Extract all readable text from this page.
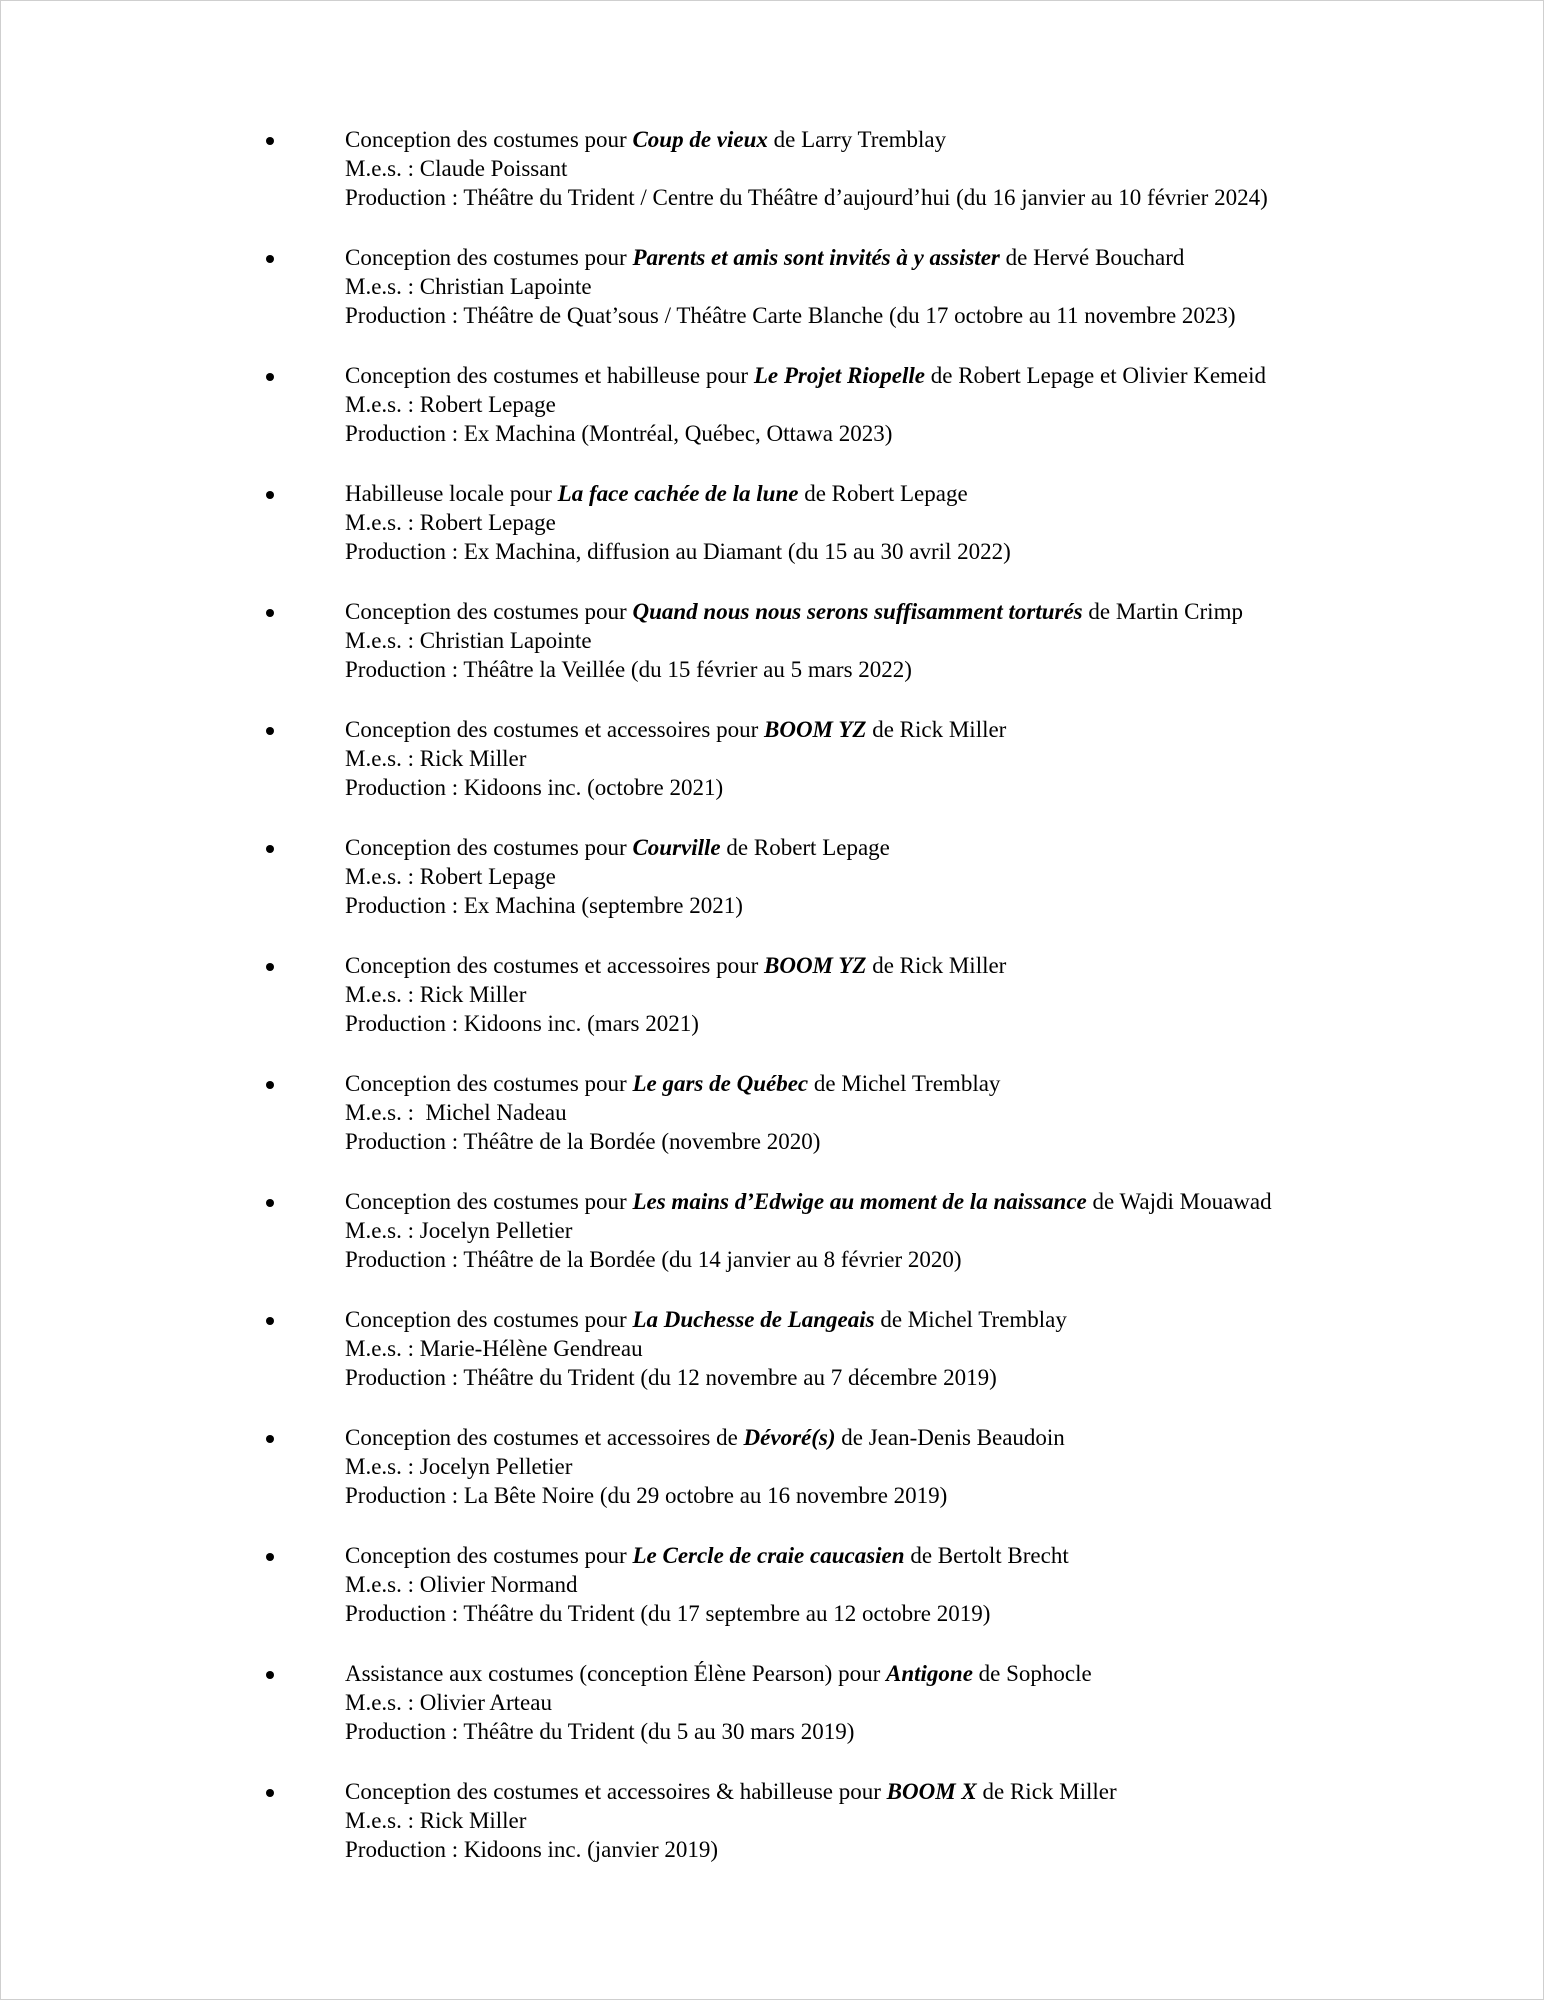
Conception des costumes pour Coup de vieux de Larry Tremblay
M.e.s. : Claude Poissant
Production : Théâtre du Trident / Centre du Théâtre d’aujourd’hui (du 16 janvier au 10 février 2024)
Conception des costumes pour Parents et amis sont invités à y assister de Hervé Bouchard
M.e.s. : Christian Lapointe
Production : Théâtre de Quat’sous / Théâtre Carte Blanche (du 17 octobre au 11 novembre 2023)
Conception des costumes et habilleuse pour Le Projet Riopelle de Robert Lepage et Olivier Kemeid
M.e.s. : Robert Lepage
Production : Ex Machina (Montréal, Québec, Ottawa 2023)
Habilleuse locale pour La face cachée de la lune de Robert Lepage
M.e.s. : Robert Lepage
Production : Ex Machina, diffusion au Diamant (du 15 au 30 avril 2022)
Conception des costumes pour Quand nous nous serons suffisamment torturés de Martin Crimp
M.e.s. : Christian Lapointe
Production : Théâtre la Veillée (du 15 février au 5 mars 2022)
Conception des costumes et accessoires pour BOOM YZ de Rick Miller
M.e.s. : Rick Miller
Production : Kidoons inc. (octobre 2021)
Conception des costumes pour Courville de Robert Lepage
M.e.s. : Robert Lepage
Production : Ex Machina (septembre 2021)
Conception des costumes et accessoires pour BOOM YZ de Rick Miller
M.e.s. : Rick Miller
Production : Kidoons inc. (mars 2021)
Conception des costumes pour Le gars de Québec de Michel Tremblay
M.e.s. :  Michel Nadeau
Production : Théâtre de la Bordée (novembre 2020)
Conception des costumes pour Les mains d’Edwige au moment de la naissance de Wajdi Mouawad
M.e.s. : Jocelyn Pelletier
Production : Théâtre de la Bordée (du 14 janvier au 8 février 2020)
Conception des costumes pour La Duchesse de Langeais de Michel Tremblay
M.e.s. : Marie-Hélène Gendreau
Production : Théâtre du Trident (du 12 novembre au 7 décembre 2019)
Conception des costumes et accessoires de Dévoré(s) de Jean-Denis Beaudoin
M.e.s. : Jocelyn Pelletier
Production : La Bête Noire (du 29 octobre au 16 novembre 2019)
Conception des costumes pour Le Cercle de craie caucasien de Bertolt Brecht
M.e.s. : Olivier Normand
Production : Théâtre du Trident (du 17 septembre au 12 octobre 2019)
Assistance aux costumes (conception Élène Pearson) pour Antigone de Sophocle
M.e.s. : Olivier Arteau
Production : Théâtre du Trident (du 5 au 30 mars 2019)
Conception des costumes et accessoires & habilleuse pour BOOM X de Rick Miller
M.e.s. : Rick Miller
Production : Kidoons inc. (janvier 2019)
